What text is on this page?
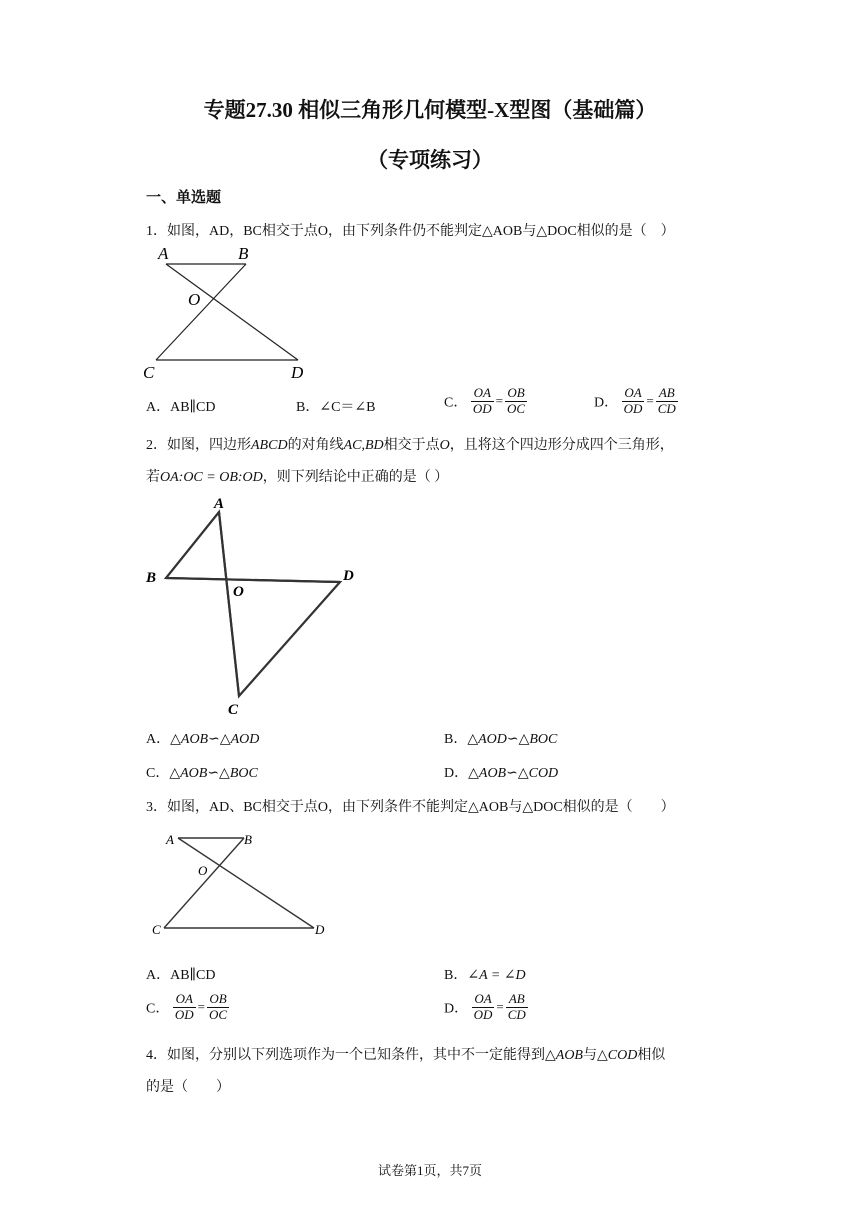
专题27.30 相似三角形几何模型-X型图（基础篇）
（专项练习）
一、单选题
1．如图，AD，BC相交于点O，由下列条件仍不能判定△AOB与△DOC相似的是（　）
A	B
O
C	D
A．AB∥CD	B．∠C＝∠B	C． $\frac{OA}{OD} = \frac{OB}{OC}$	D． $\frac{OA}{OD} = \frac{AB}{CD}$
2．如图，四边形ABCD的对角线AC,BD相交于点O，且将这个四边形分成四个三角形，
若OA:OC = OB:OD，则下列结论中正确的是（ ）
A
B
O
D
C
A．△AOB∽△AOD	B．△AOD∽△BOC
C．△AOB∽△BOC	D．△AOB∽△COD
3．如图，AD、BC相交于点O，由下列条件不能判定△AOB与△DOC相似的是（　　）
A	B
O
C	D
A．AB∥CD	B．∠A = ∠D
C． $\frac{OA}{OD} = \frac{OB}{OC}$	D． $\frac{OA}{OD} = \frac{AB}{CD}$
4．如图，分别以下列选项作为一个已知条件，其中不一定能得到△AOB与△COD相似
的是（　　）
试卷第1页，共7页
